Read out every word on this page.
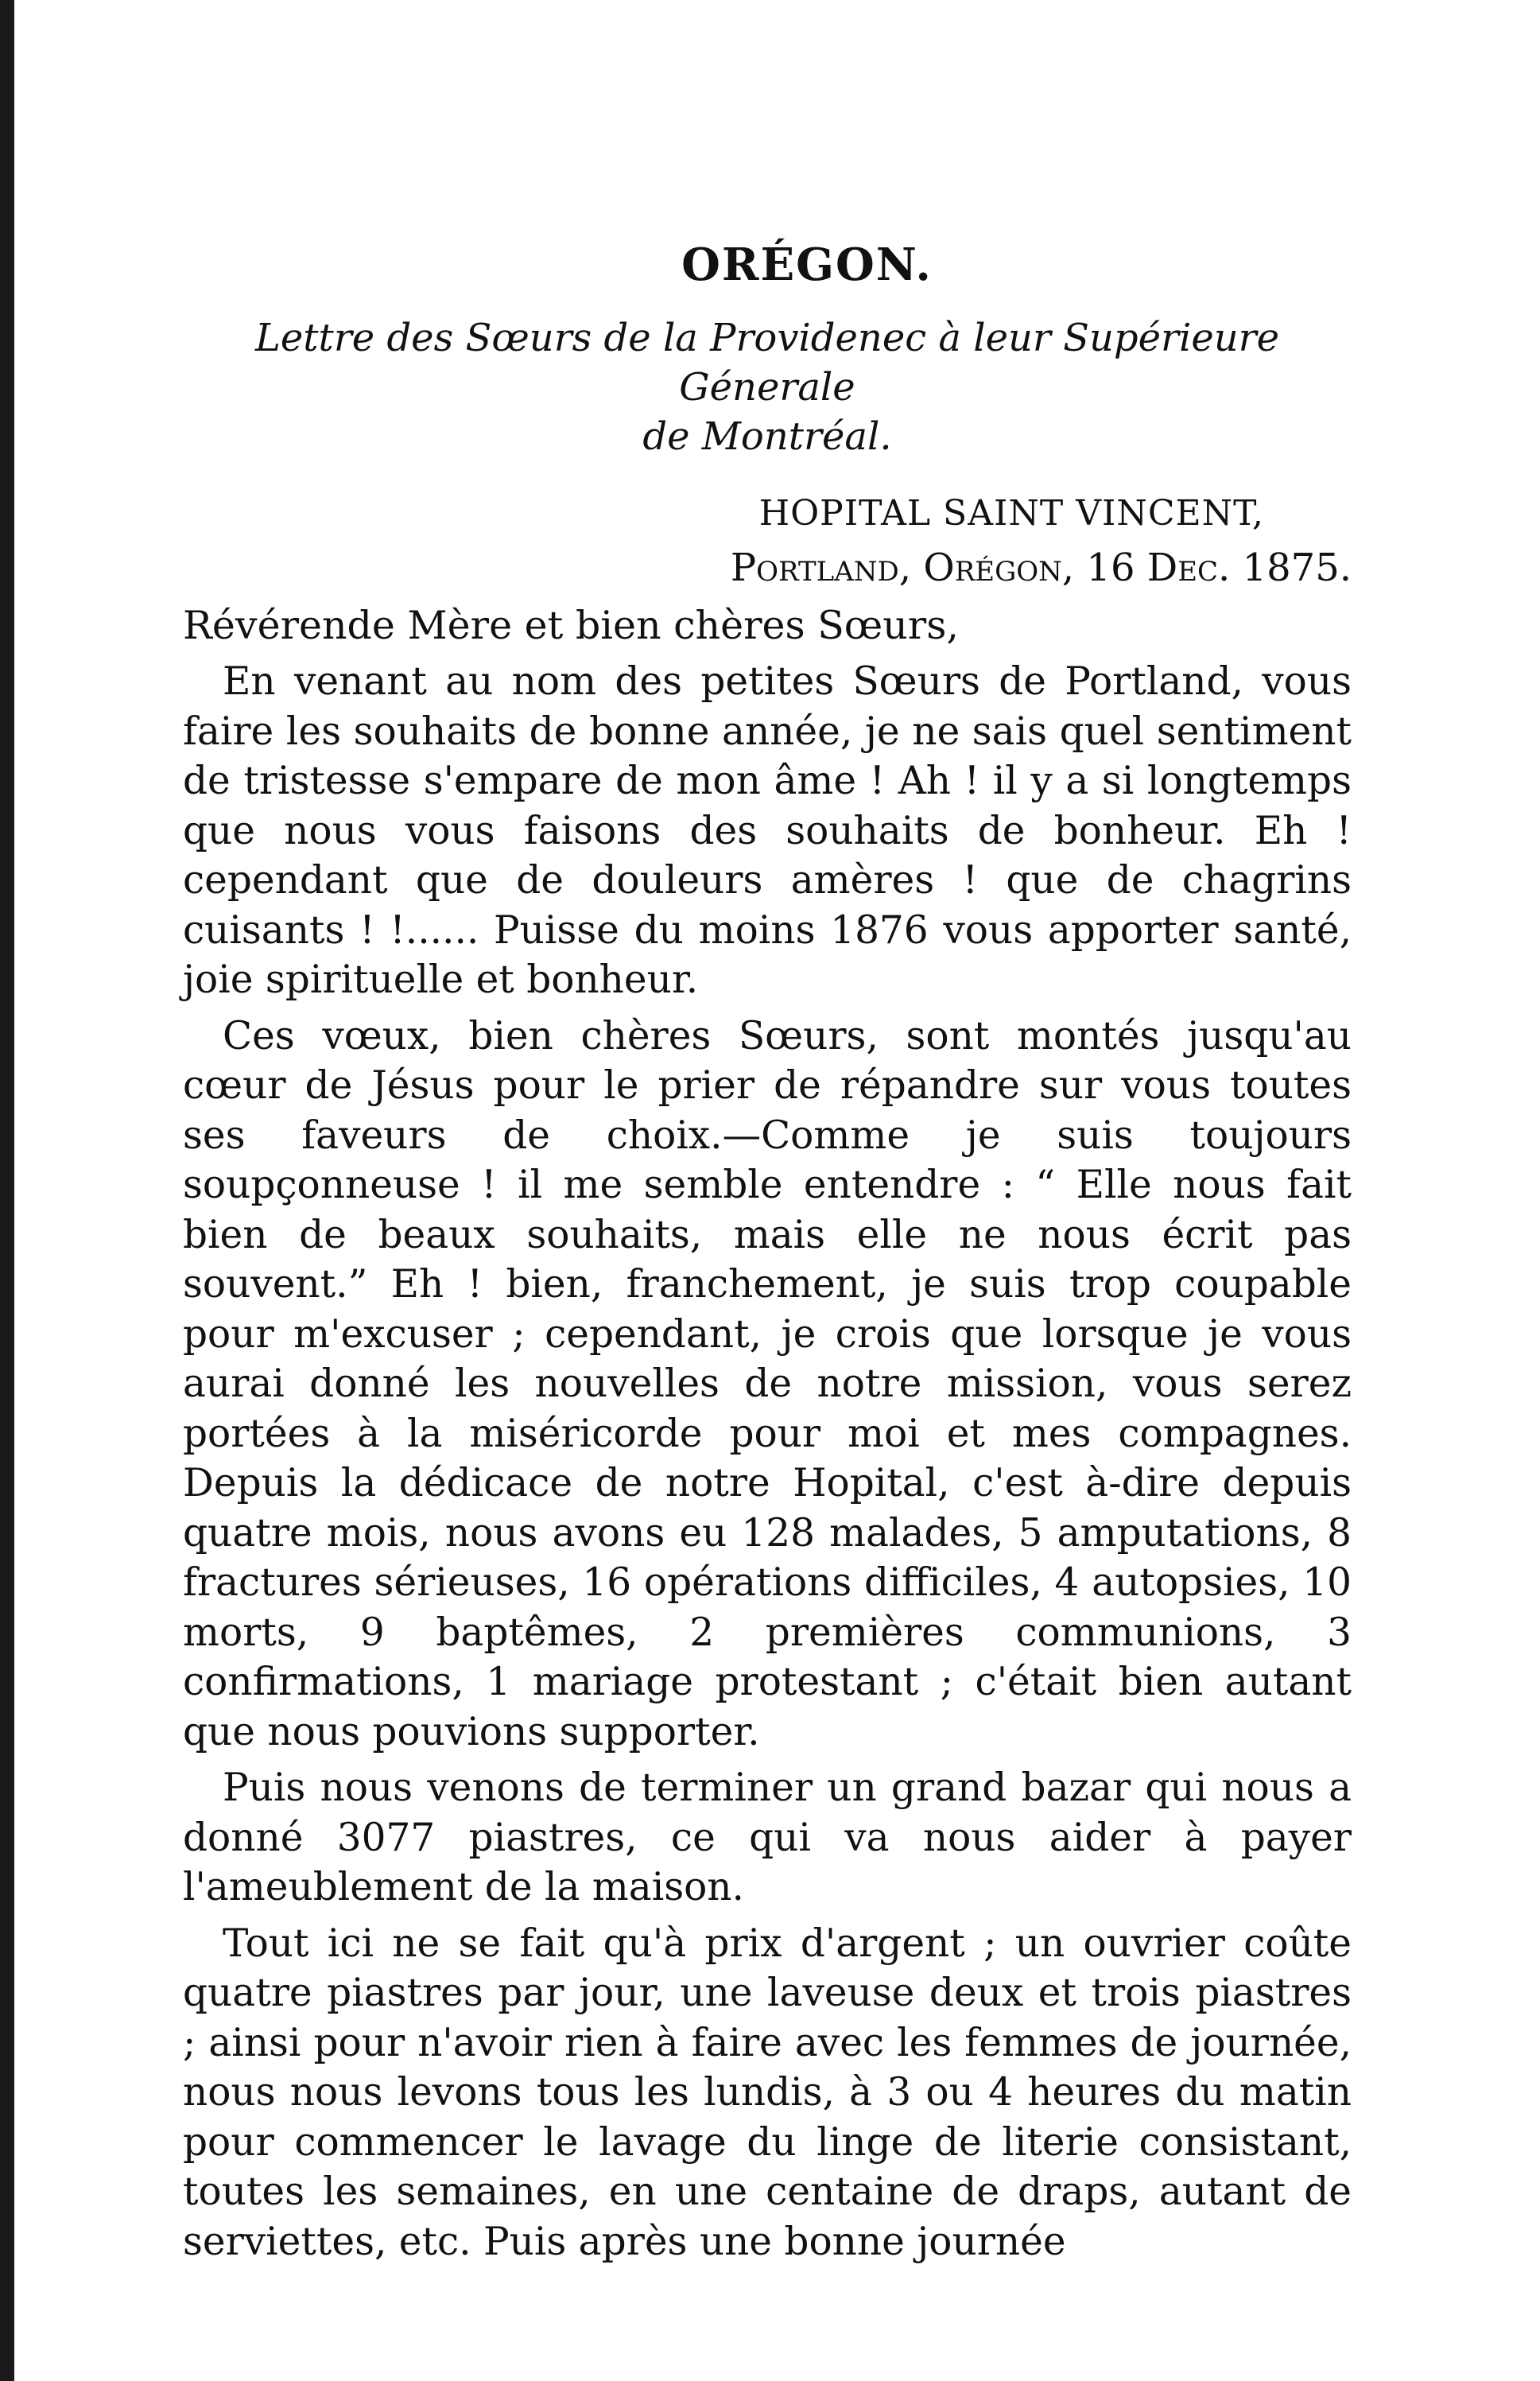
ORÉGON.
Lettre des Sœurs de la Providenec à leur Supérieure Génerale
de Montréal.

HOPITAL SAINT VINCENT,

Portland, Orégon, 16 Dec. 1875.

Révérende Mère et bien chères Sœurs,

En venant au nom des petites Sœurs de Portland, vous faire les souhaits de bonne année, je ne sais quel sentiment de tristesse s'empare de mon âme ! Ah ! il y a si longtemps que nous vous faisons des souhaits de bonheur. Eh ! cependant que de douleurs amères ! que de chagrins cuisants ! !...... Puisse du moins 1876 vous apporter santé, joie spirituelle et bonheur.

Ces vœux, bien chères Sœurs, sont montés jusqu'au cœur de Jésus pour le prier de répandre sur vous toutes ses faveurs de choix.—Comme je suis toujours soupçonneuse ! il me semble entendre : “ Elle nous fait bien de beaux souhaits, mais elle ne nous écrit pas souvent.” Eh ! bien, franchement, je suis trop coupable pour m'excuser ; cependant, je crois que lorsque je vous aurai donné les nouvelles de notre mission, vous serez portées à la miséricorde pour moi et mes compagnes. Depuis la dédicace de notre Hopital, c'est à-dire depuis quatre mois, nous avons eu 128 malades, 5 amputations, 8 fractures sérieuses, 16 opérations difficiles, 4 autopsies, 10 morts, 9 baptêmes, 2 premières communions, 3 confirmations, 1 mariage protestant ; c'était bien autant que nous pouvions supporter.

Puis nous venons de terminer un grand bazar qui nous a donné 3077 piastres, ce qui va nous aider à payer l'ameublement de la maison.

Tout ici ne se fait qu'à prix d'argent ; un ouvrier coûte quatre piastres par jour, une laveuse deux et trois piastres ; ainsi pour n'avoir rien à faire avec les femmes de journée, nous nous levons tous les lundis, à 3 ou 4 heures du matin pour commencer le lavage du linge de literie consistant, toutes les semaines, en une centaine de draps, autant de serviettes, etc. Puis après une bonne journée
